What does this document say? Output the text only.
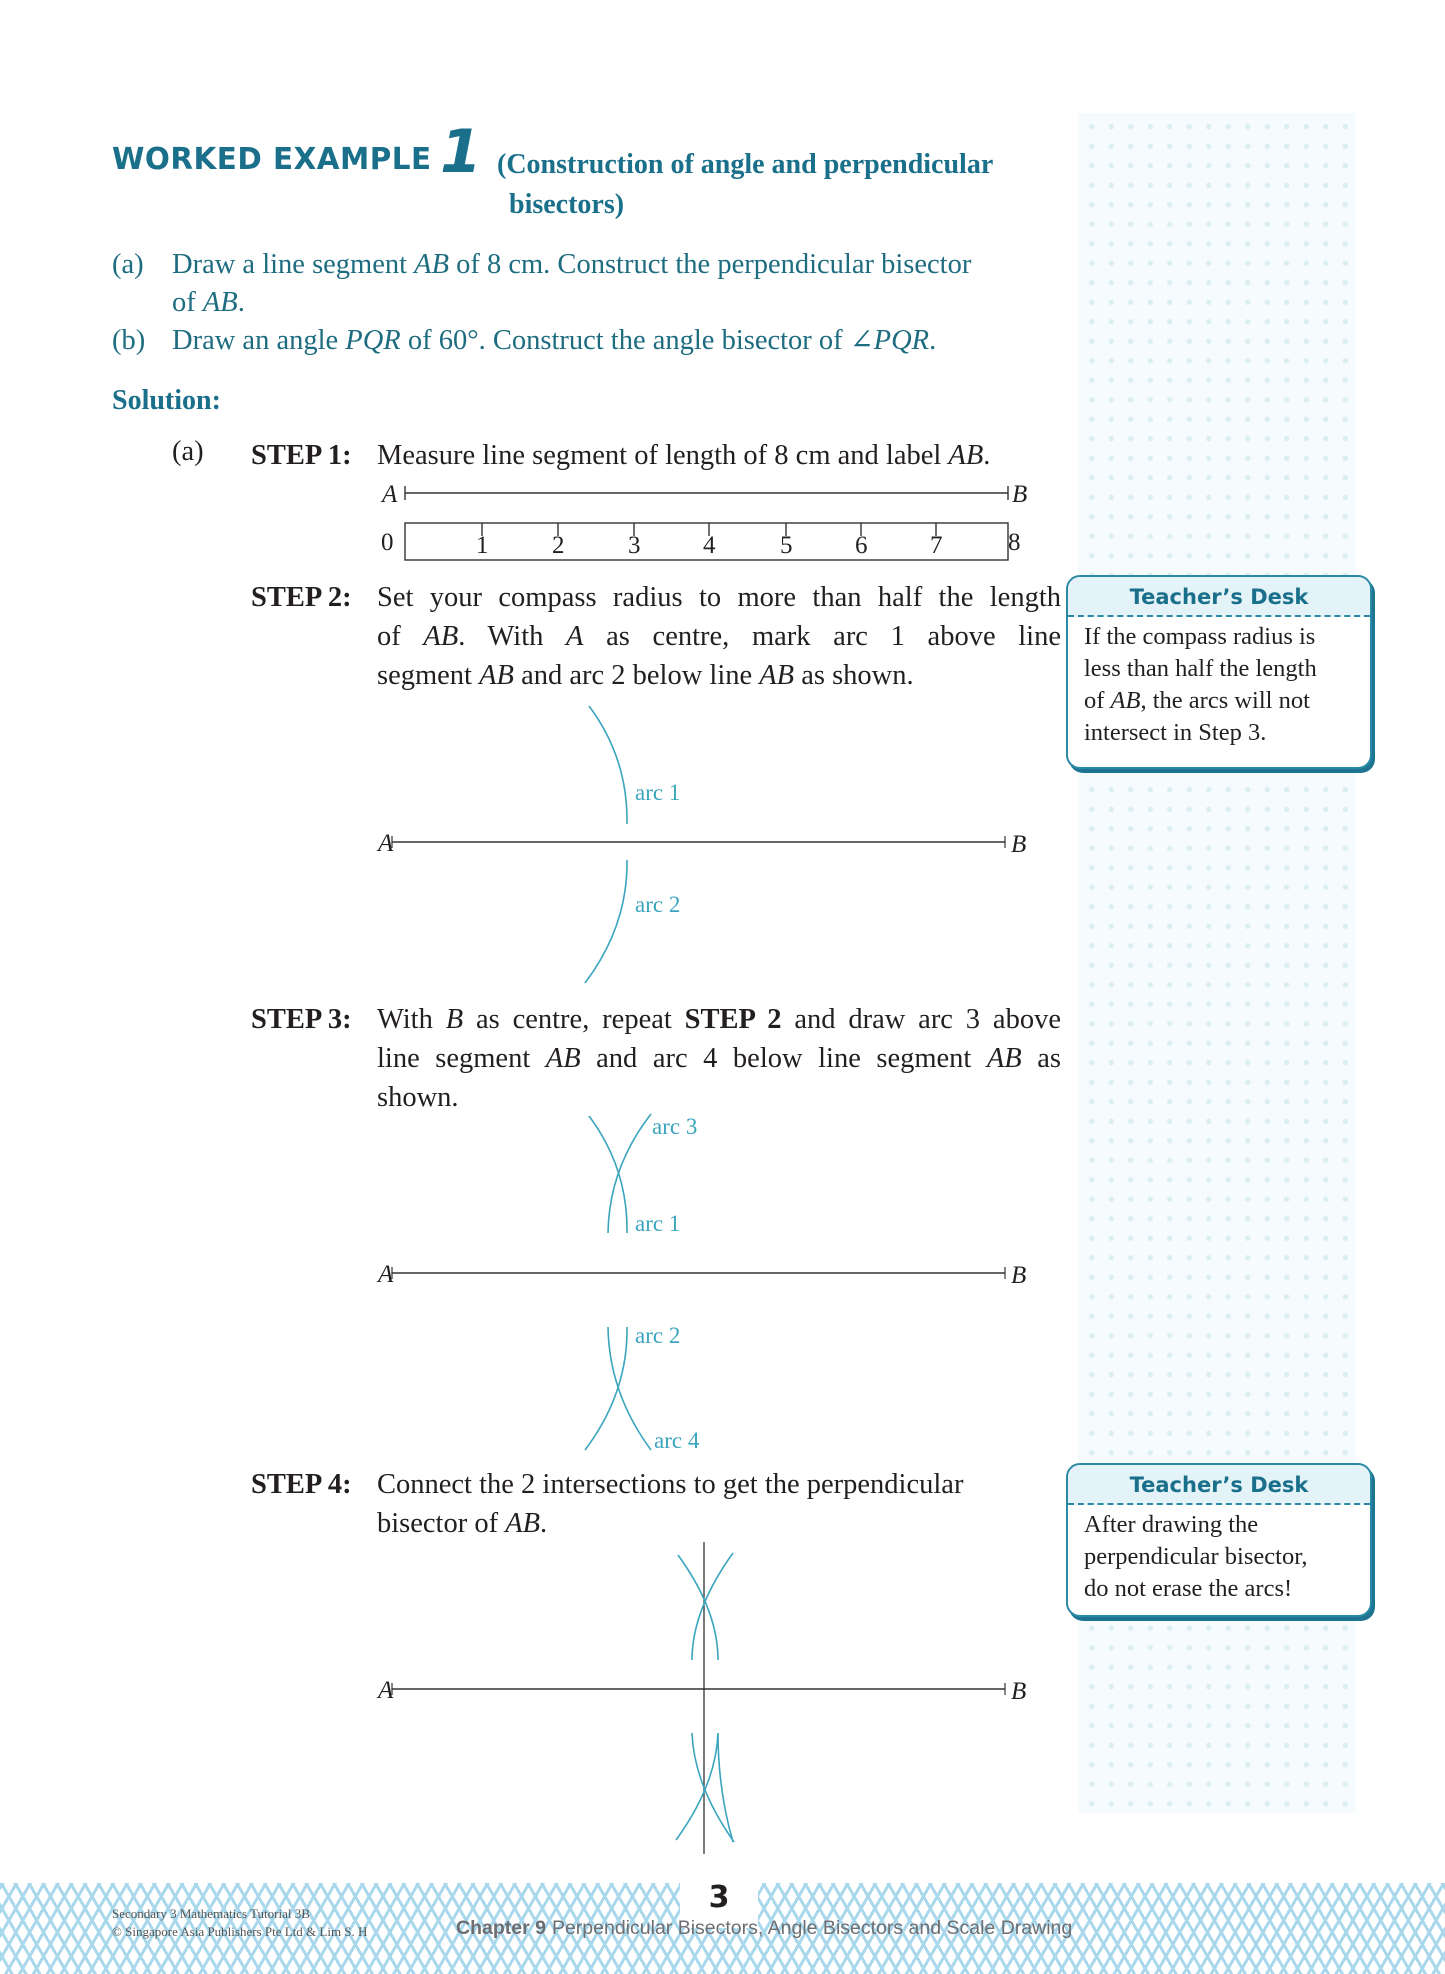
WORKED EXAMPLE 1 (Construction of angle and perpendicular
bisectors)
(a) Draw a line segment AB of 8 cm. Construct the perpendicular bisector
of AB.
(b) Draw an angle PQR of 60°. Construct the angle bisector of ∠PQR.
Solution:
(a) STEP 1: Measure line segment of length of 8 cm and label AB.
A	B
0	1	2	3	4	5	6	7	8
A	B
arc 1
arc 2
A	B
arc 3
arc 1
arc 2
arc 4
A	B
STEP 2: Set your compass radius to more than half the length
of AB. With A as centre, mark arc 1 above line
segment AB and arc 2 below line AB as shown.
STEP 3: With B as centre, repeat STEP 2 and draw arc 3 above
line segment AB and arc 4 below line segment AB as
shown.
STEP 4: Connect the 2 intersections to get the perpendicular
bisector of AB.
Teacher’s Desk
If the compass radius is
less than half the length
of AB, the arcs will not
intersect in Step 3.
Teacher’s Desk
After drawing the
perpendicular bisector,
do not erase the arcs!
3
Secondary 3 Mathematics Tutorial 3B
© Singapore Asia Publishers Pte Ltd & Lim S. H	Chapter 9 Perpendicular Bisectors, Angle Bisectors and Scale Drawing
